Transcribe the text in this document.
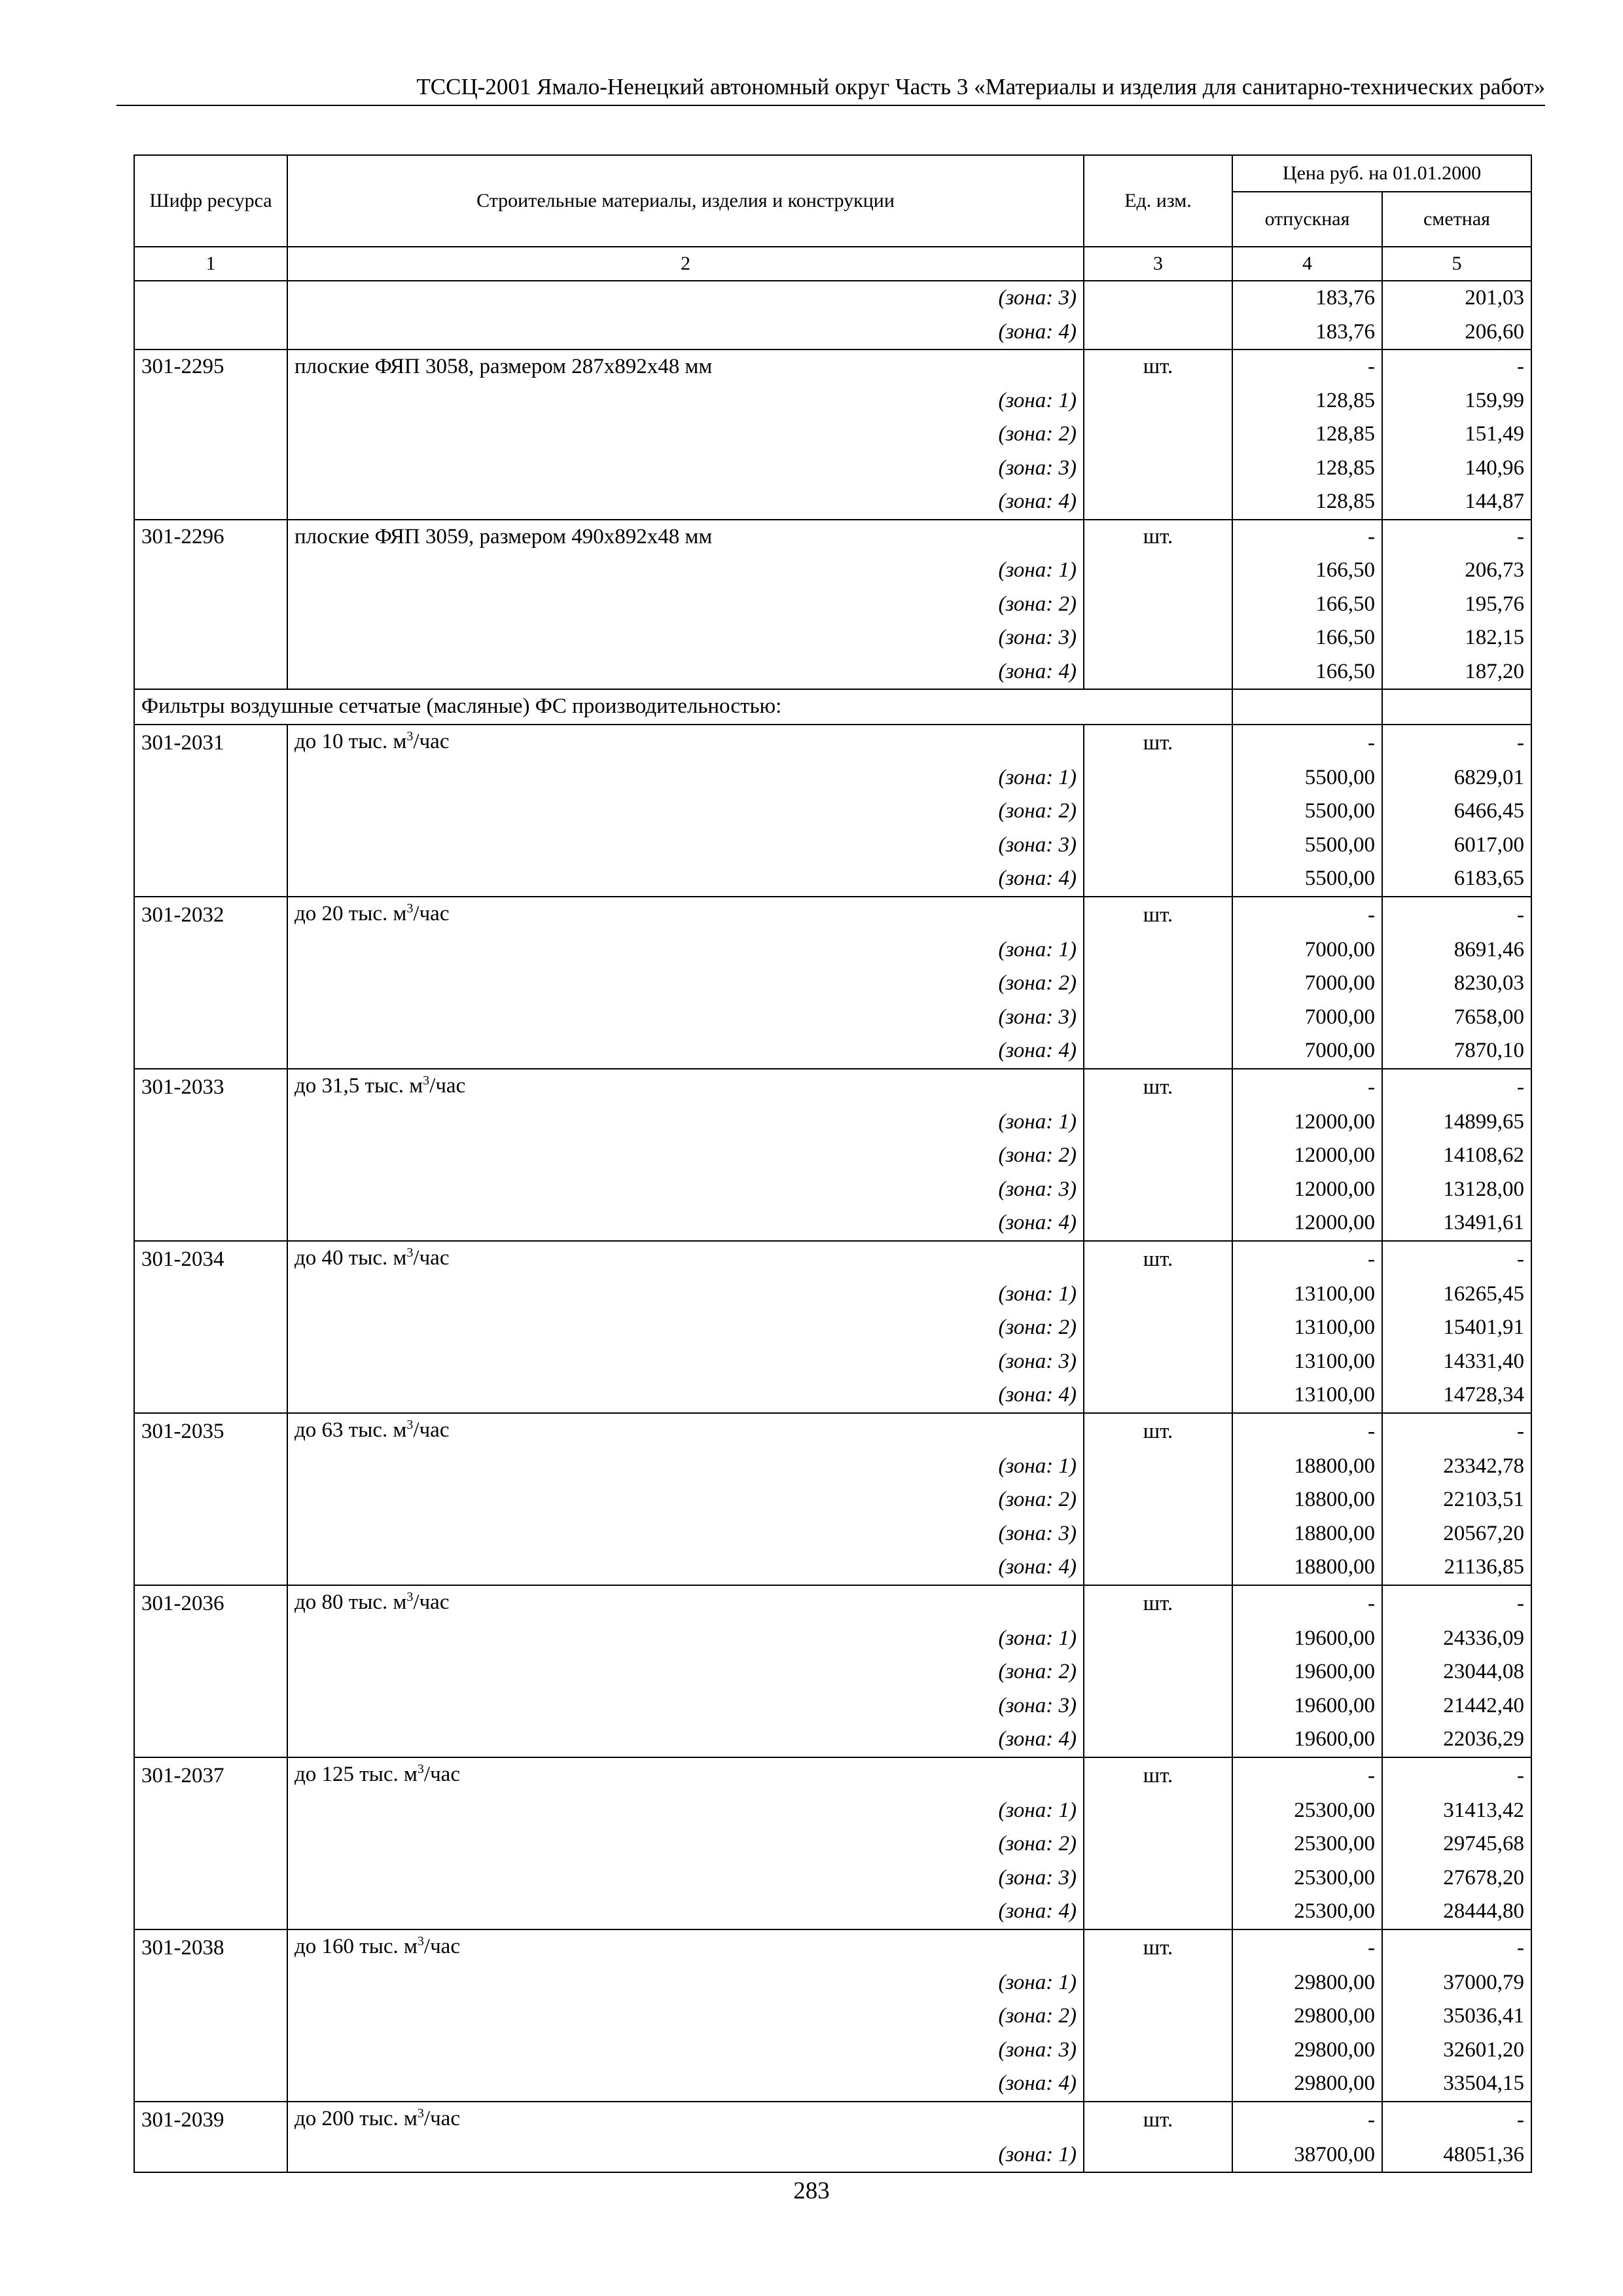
ТССЦ-2001 Ямало-Ненецкий автономный округ Часть 3 «Материалы и изделия для санитарно-технических работ»
Шифр ресурса	Строительные материалы, изделия и конструкции	Ед. изм.	Цена руб. на 01.01.2000	
			отпускная	сметная
1	2	3	4	5
	(зона: 3)		183,76	201,03
	(зона: 4)		183,76	206,60
301-2295	плоские ФЯП 3058, размером 287х892х48 мм	шт.	-	-
	(зона: 1)		128,85	159,99
	(зона: 2)		128,85	151,49
	(зона: 3)		128,85	140,96
	(зона: 4)		128,85	144,87
301-2296	плоские ФЯП 3059, размером 490х892х48 мм	шт.	-	-
	(зона: 1)		166,50	206,73
	(зона: 2)		166,50	195,76
	(зона: 3)		166,50	182,15
	(зона: 4)		166,50	187,20
Фильтры воздушные сетчатые (масляные) ФС производительностью:				
301-2031	до 10 тыс. $м^3$/час	шт.	-	-
	(зона: 1)		5500,00	6829,01
	(зона: 2)		5500,00	6466,45
	(зона: 3)		5500,00	6017,00
	(зона: 4)		5500,00	6183,65
301-2032	до 20 тыс. $м^3$/час	шт.	-	-
	(зона: 1)		7000,00	8691,46
	(зона: 2)		7000,00	8230,03
	(зона: 3)		7000,00	7658,00
	(зона: 4)		7000,00	7870,10
301-2033	до 31,5 тыс. $м^3$/час	шт.	-	-
	(зона: 1)		12000,00	14899,65
	(зона: 2)		12000,00	14108,62
	(зона: 3)		12000,00	13128,00
	(зона: 4)		12000,00	13491,61
301-2034	до 40 тыс. $м^3$/час	шт.	-	-
	(зона: 1)		13100,00	16265,45
	(зона: 2)		13100,00	15401,91
	(зона: 3)		13100,00	14331,40
	(зона: 4)		13100,00	14728,34
301-2035	до 63 тыс. $м^3$/час	шт.	-	-
	(зона: 1)		18800,00	23342,78
	(зона: 2)		18800,00	22103,51
	(зона: 3)		18800,00	20567,20
	(зона: 4)		18800,00	21136,85
301-2036	до 80 тыс. $м^3$/час	шт.	-	-
	(зона: 1)		19600,00	24336,09
	(зона: 2)		19600,00	23044,08
	(зона: 3)		19600,00	21442,40
	(зона: 4)		19600,00	22036,29
301-2037	до 125 тыс. $м^3$/час	шт.	-	-
	(зона: 1)		25300,00	31413,42
	(зона: 2)		25300,00	29745,68
	(зона: 3)		25300,00	27678,20
	(зона: 4)		25300,00	28444,80
301-2038	до 160 тыс. $м^3$/час	шт.	-	-
	(зона: 1)		29800,00	37000,79
	(зона: 2)		29800,00	35036,41
	(зона: 3)		29800,00	32601,20
	(зона: 4)		29800,00	33504,15
301-2039	до 200 тыс. $м^3$/час	шт.	-	-
	(зона: 1)		38700,00	48051,36
283
